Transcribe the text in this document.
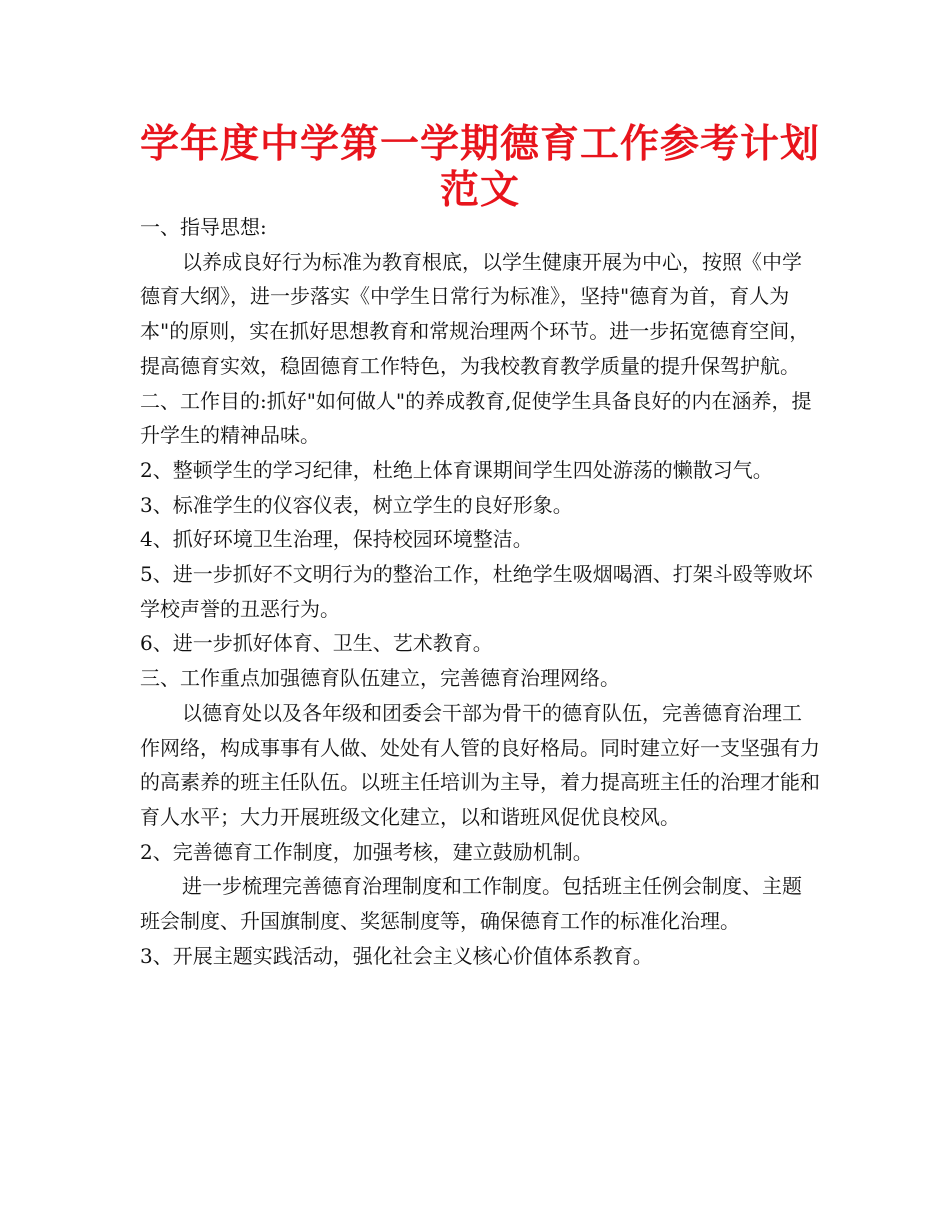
学年度中学第一学期德育工作参考计划范文

一、指导思想:

以养成良好行为标准为教育根底，以学生健康开展为中心，按照《中学德育大纲》，进一步落实《中学生日常行为标准》，坚持"德育为首，育人为本"的原则，实在抓好思想教育和常规治理两个环节。进一步拓宽德育空间，提高德育实效，稳固德育工作特色，为我校教育教学质量的提升保驾护航。

二、工作目的:抓好"如何做人"的养成教育,促使学生具备良好的内在涵养，提升学生的精神品味。

2、整顿学生的学习纪律，杜绝上体育课期间学生四处游荡的懒散习气。

3、标准学生的仪容仪表，树立学生的良好形象。

4、抓好环境卫生治理，保持校园环境整洁。

5、进一步抓好不文明行为的整治工作，杜绝学生吸烟喝酒、打架斗殴等败坏学校声誉的丑恶行为。

6、进一步抓好体育、卫生、艺术教育。

三、工作重点加强德育队伍建立，完善德育治理网络。

以德育处以及各年级和团委会干部为骨干的德育队伍，完善德育治理工作网络，构成事事有人做、处处有人管的良好格局。同时建立好一支坚强有力的高素养的班主任队伍。以班主任培训为主导，着力提高班主任的治理才能和育人水平；大力开展班级文化建立，以和谐班风促优良校风。

2、完善德育工作制度，加强考核，建立鼓励机制。

进一步梳理完善德育治理制度和工作制度。包括班主任例会制度、主题班会制度、升国旗制度、奖惩制度等，确保德育工作的标准化治理。

3、开展主题实践活动，强化社会主义核心价值体系教育。
